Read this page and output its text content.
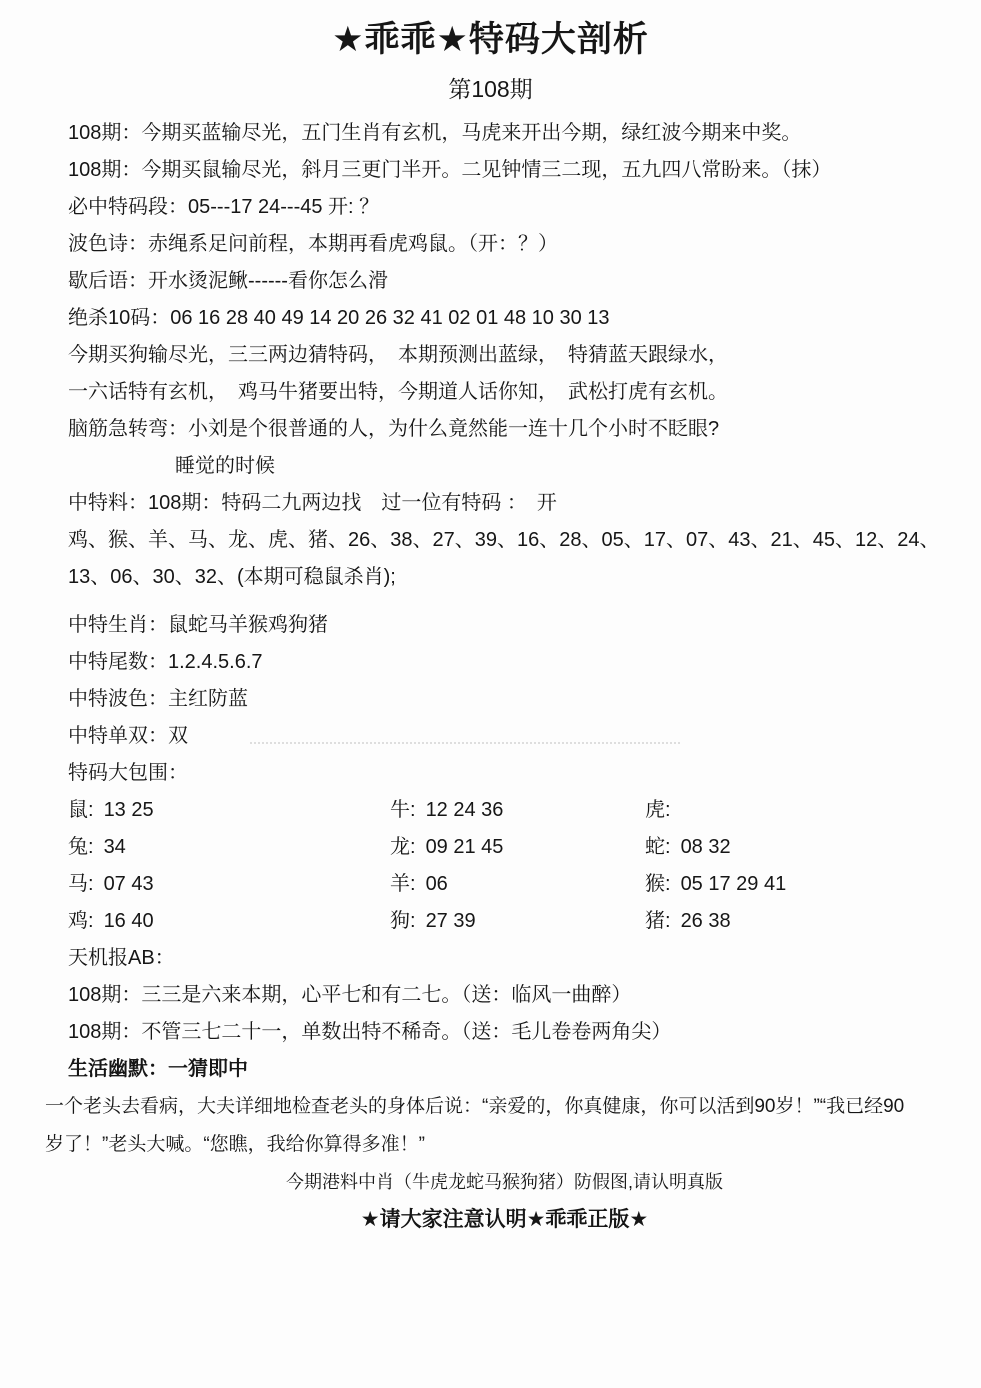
★乖乖★特码大剖析
第108期
108期：今期买蓝输尽光，五门生肖有玄机，马虎来开出今期，绿红波今期来中奖。
108期：今期买鼠输尽光，斜月三更门半开。二见钟情三二现，五九四八常盼来。（抹）
必中特码段：05---17 24---45 开: ？
波色诗：赤绳系足问前程，本期再看虎鸡鼠。（开：？）
歇后语：开水烫泥鳅------看你怎么滑
绝杀10码：06 16 28 40 49 14 20 26 32 41 02 01 48 10 30 13
今期买狗输尽光，三三两边猜特码，　本期预测出蓝绿，　特猜蓝天跟绿水，
一六话特有玄机，　鸡马牛猪要出特，今期道人话你知，　武松打虎有玄机。
脑筋急转弯：小刘是个很普通的人，为什么竟然能一连十几个小时不眨眼?
睡觉的时候
中特料：108期：特码二九两边找　过一位有特码 ：　开
鸡、猴、羊、马、龙、虎、猪、26、38、27、39、16、28、05、17、07、43、21、45、12、24、
13、06、30、32、(本期可稳鼠杀肖);
中特生肖：鼠蛇马羊猴鸡狗猪
中特尾数：1.2.4.5.6.7
中特波色：主红防蓝
中特单双：双
特码大包围：
鼠: 13 25	牛: 12 24 36	虎:
兔: 34	龙: 09 21 45	蛇: 08 32
马: 07 43	羊: 06	猴: 05 17 29 41
鸡: 16 40	狗: 27 39	猪: 26 38
天机报AB：
108期：三三是六来本期，心平七和有二七。（送：临风一曲醉）
108期：不管三七二十一，单数出特不稀奇。（送：毛儿卷卷两角尖）
生活幽默：一猜即中
一个老头去看病，大夫详细地检查老头的身体后说：“亲爱的，你真健康，你可以活到90岁！”“我已经90
岁了！”老头大喊。“您瞧，我给你算得多准！”
今期港料中肖（牛虎龙蛇马猴狗猪）防假图,请认明真版
★请大家注意认明★乖乖正版★
